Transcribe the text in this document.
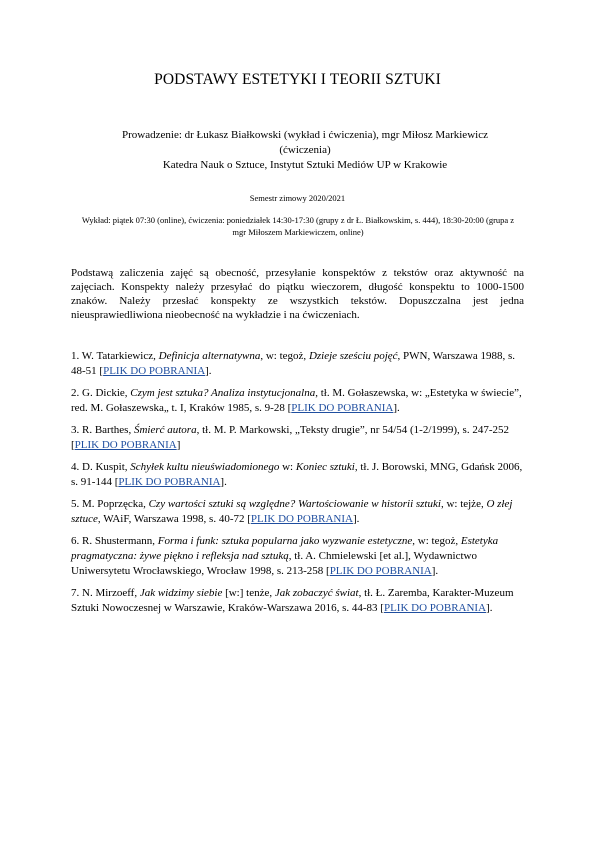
PODSTAWY ESTETYKI I TEORII SZTUKI
Prowadzenie: dr Łukasz Białkowski (wykład i ćwiczenia), mgr Miłosz Markiewicz (ćwiczenia)
Katedra Nauk o Sztuce, Instytut Sztuki Mediów UP w Krakowie
Semestr zimowy 2020/2021
Wykład: piątek 07:30 (online), ćwiczenia: poniedziałek 14:30-17:30 (grupy z dr Ł. Białkowskim, s. 444), 18:30-20:00 (grupa z mgr Miłoszem Markiewiczem, online)
Podstawą zaliczenia zajęć są obecność, przesyłanie konspektów z tekstów oraz aktywność na zajęciach. Konspekty należy przesyłać do piątku wieczorem, długość konspektu to 1000-1500 znaków. Należy przesłać konspekty ze wszystkich tekstów. Dopuszczalna jest jedna nieusprawiedliwiona nieobecność na wykładzie i na ćwiczeniach.

1. W. Tatarkiewicz, Definicja alternatywna, w: tegoż, Dzieje sześciu pojęć, PWN, Warszawa 1988, s. 48-51 [PLIK DO POBRANIA].

2. G. Dickie, Czym jest sztuka? Analiza instytucjonalna, tł. M. Gołaszewska, w: „Estetyka w świecie”, red. M. Gołaszewska„ t. I, Kraków 1985, s. 9-28 [PLIK DO POBRANIA].

3. R. Barthes, Śmierć autora, tł. M. P. Markowski, „Teksty drugie”, nr 54/54 (1-2/1999), s. 247-252 [PLIK DO POBRANIA]

4. D. Kuspit, Schyłek kultu nieuświadomionego w: Koniec sztuki, tł. J. Borowski, MNG, Gdańsk 2006, s. 91-144 [PLIK DO POBRANIA].

5. M. Poprzęcka, Czy wartości sztuki są względne? Wartościowanie w historii sztuki, w: tejże, O złej sztuce, WAiF, Warszawa 1998, s. 40-72 [PLIK DO POBRANIA].

6. R. Shustermann, Forma i funk: sztuka popularna jako wyzwanie estetyczne, w: tegoż, Estetyka pragmatyczna: żywe piękno i refleksja nad sztuką, tł. A. Chmielewski [et al.], Wydawnictwo Uniwersytetu Wrocławskiego, Wrocław 1998, s. 213-258 [PLIK DO POBRANIA].

7. N. Mirzoeff, Jak widzimy siebie [w:] tenże, Jak zobaczyć świat, tł. Ł. Zaremba, Karakter-Muzeum Sztuki Nowoczesnej w Warszawie, Kraków-Warszawa 2016, s. 44-83 [PLIK DO POBRANIA].
